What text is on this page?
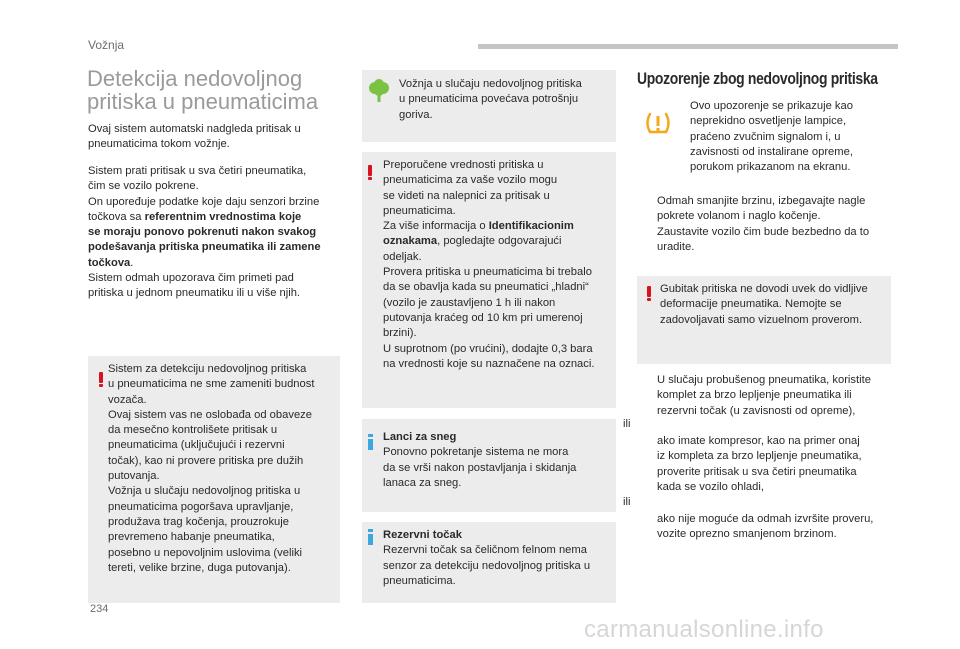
Vožnja
Detekcija nedovoljnog
pritiska u pneumaticima
Ovaj sistem automatski nadgleda pritisak u
pneumaticima tokom vožnje.
Sistem prati pritisak u sva četiri pneumatika,
čim se vozilo pokrene.
On upoređuje podatke koje daju senzori brzine
točkova sa referentnim vrednostima koje
se moraju ponovo pokrenuti nakon svakog
podešavanja pritiska pneumatika ili zamene
točkova.
Sistem odmah upozorava čim primeti pad
pritiska u jednom pneumatiku ili u više njih.
Sistem za detekciju nedovoljnog pritiska
u pneumaticima ne sme zameniti budnost
vozača.
Ovaj sistem vas ne oslobađa od obaveze
da mesečno kontrolišete pritisak u
pneumaticima (uključujući i rezervni
točak), kao ni provere pritiska pre dužih
putovanja.
Vožnja u slučaju nedovoljnog pritiska u
pneumaticima pogoršava upravljanje,
produžava trag kočenja, prouzrokuje
prevremeno habanje pneumatika,
posebno u nepovoljnim uslovima (veliki
tereti, velike brzine, duga putovanja).
Vožnja u slučaju nedovoljnog pritiska
u pneumaticima povećava potrošnju
goriva.
Preporučene vrednosti pritiska u
pneumaticima za vaše vozilo mogu
se videti na nalepnici za pritisak u
pneumaticima.
Za više informacija o Identifikacionim
oznakama, pogledajte odgovarajući
odeljak.
Provera pritiska u pneumaticima bi trebalo
da se obavlja kada su pneumatici „hladni“
(vozilo je zaustavljeno 1 h ili nakon
putovanja kraćeg od 10 km pri umerenoj
brzini).
U suprotnom (po vrućini), dodajte 0,3 bara
na vrednosti koje su naznačene na oznaci.
Lanci za sneg
Ponovno pokretanje sistema ne mora
da se vrši nakon postavljanja i skidanja
lanaca za sneg.
Rezervni točak
Rezervni točak sa čeličnom felnom nema
senzor za detekciju nedovoljnog pritiska u
pneumaticima.
Upozorenje zbog nedovoljnog pritiska
Ovo upozorenje se prikazuje kao
neprekidno osvetljenje lampice,
praćeno zvučnim signalom i, u
zavisnosti od instalirane opreme,
porukom prikazanom na ekranu.
Odmah smanjite brzinu, izbegavajte nagle
pokrete volanom i naglo kočenje.
Zaustavite vozilo čim bude bezbedno da to
uradite.
Gubitak pritiska ne dovodi uvek do vidljive
deformacije pneumatika. Nemojte se
zadovoljavati samo vizuelnom proverom.
U slučaju probušenog pneumatika, koristite
komplet za brzo lepljenje pneumatika ili
rezervni točak (u zavisnosti od opreme),
ili
ako imate kompresor, kao na primer onaj
iz kompleta za brzo lepljenje pneumatika,
proverite pritisak u sva četiri pneumatika
kada se vozilo ohladi,
ili
ako nije moguće da odmah izvršite proveru,
vozite oprezno smanjenom brzinom.
234
carmanualsonline.info
